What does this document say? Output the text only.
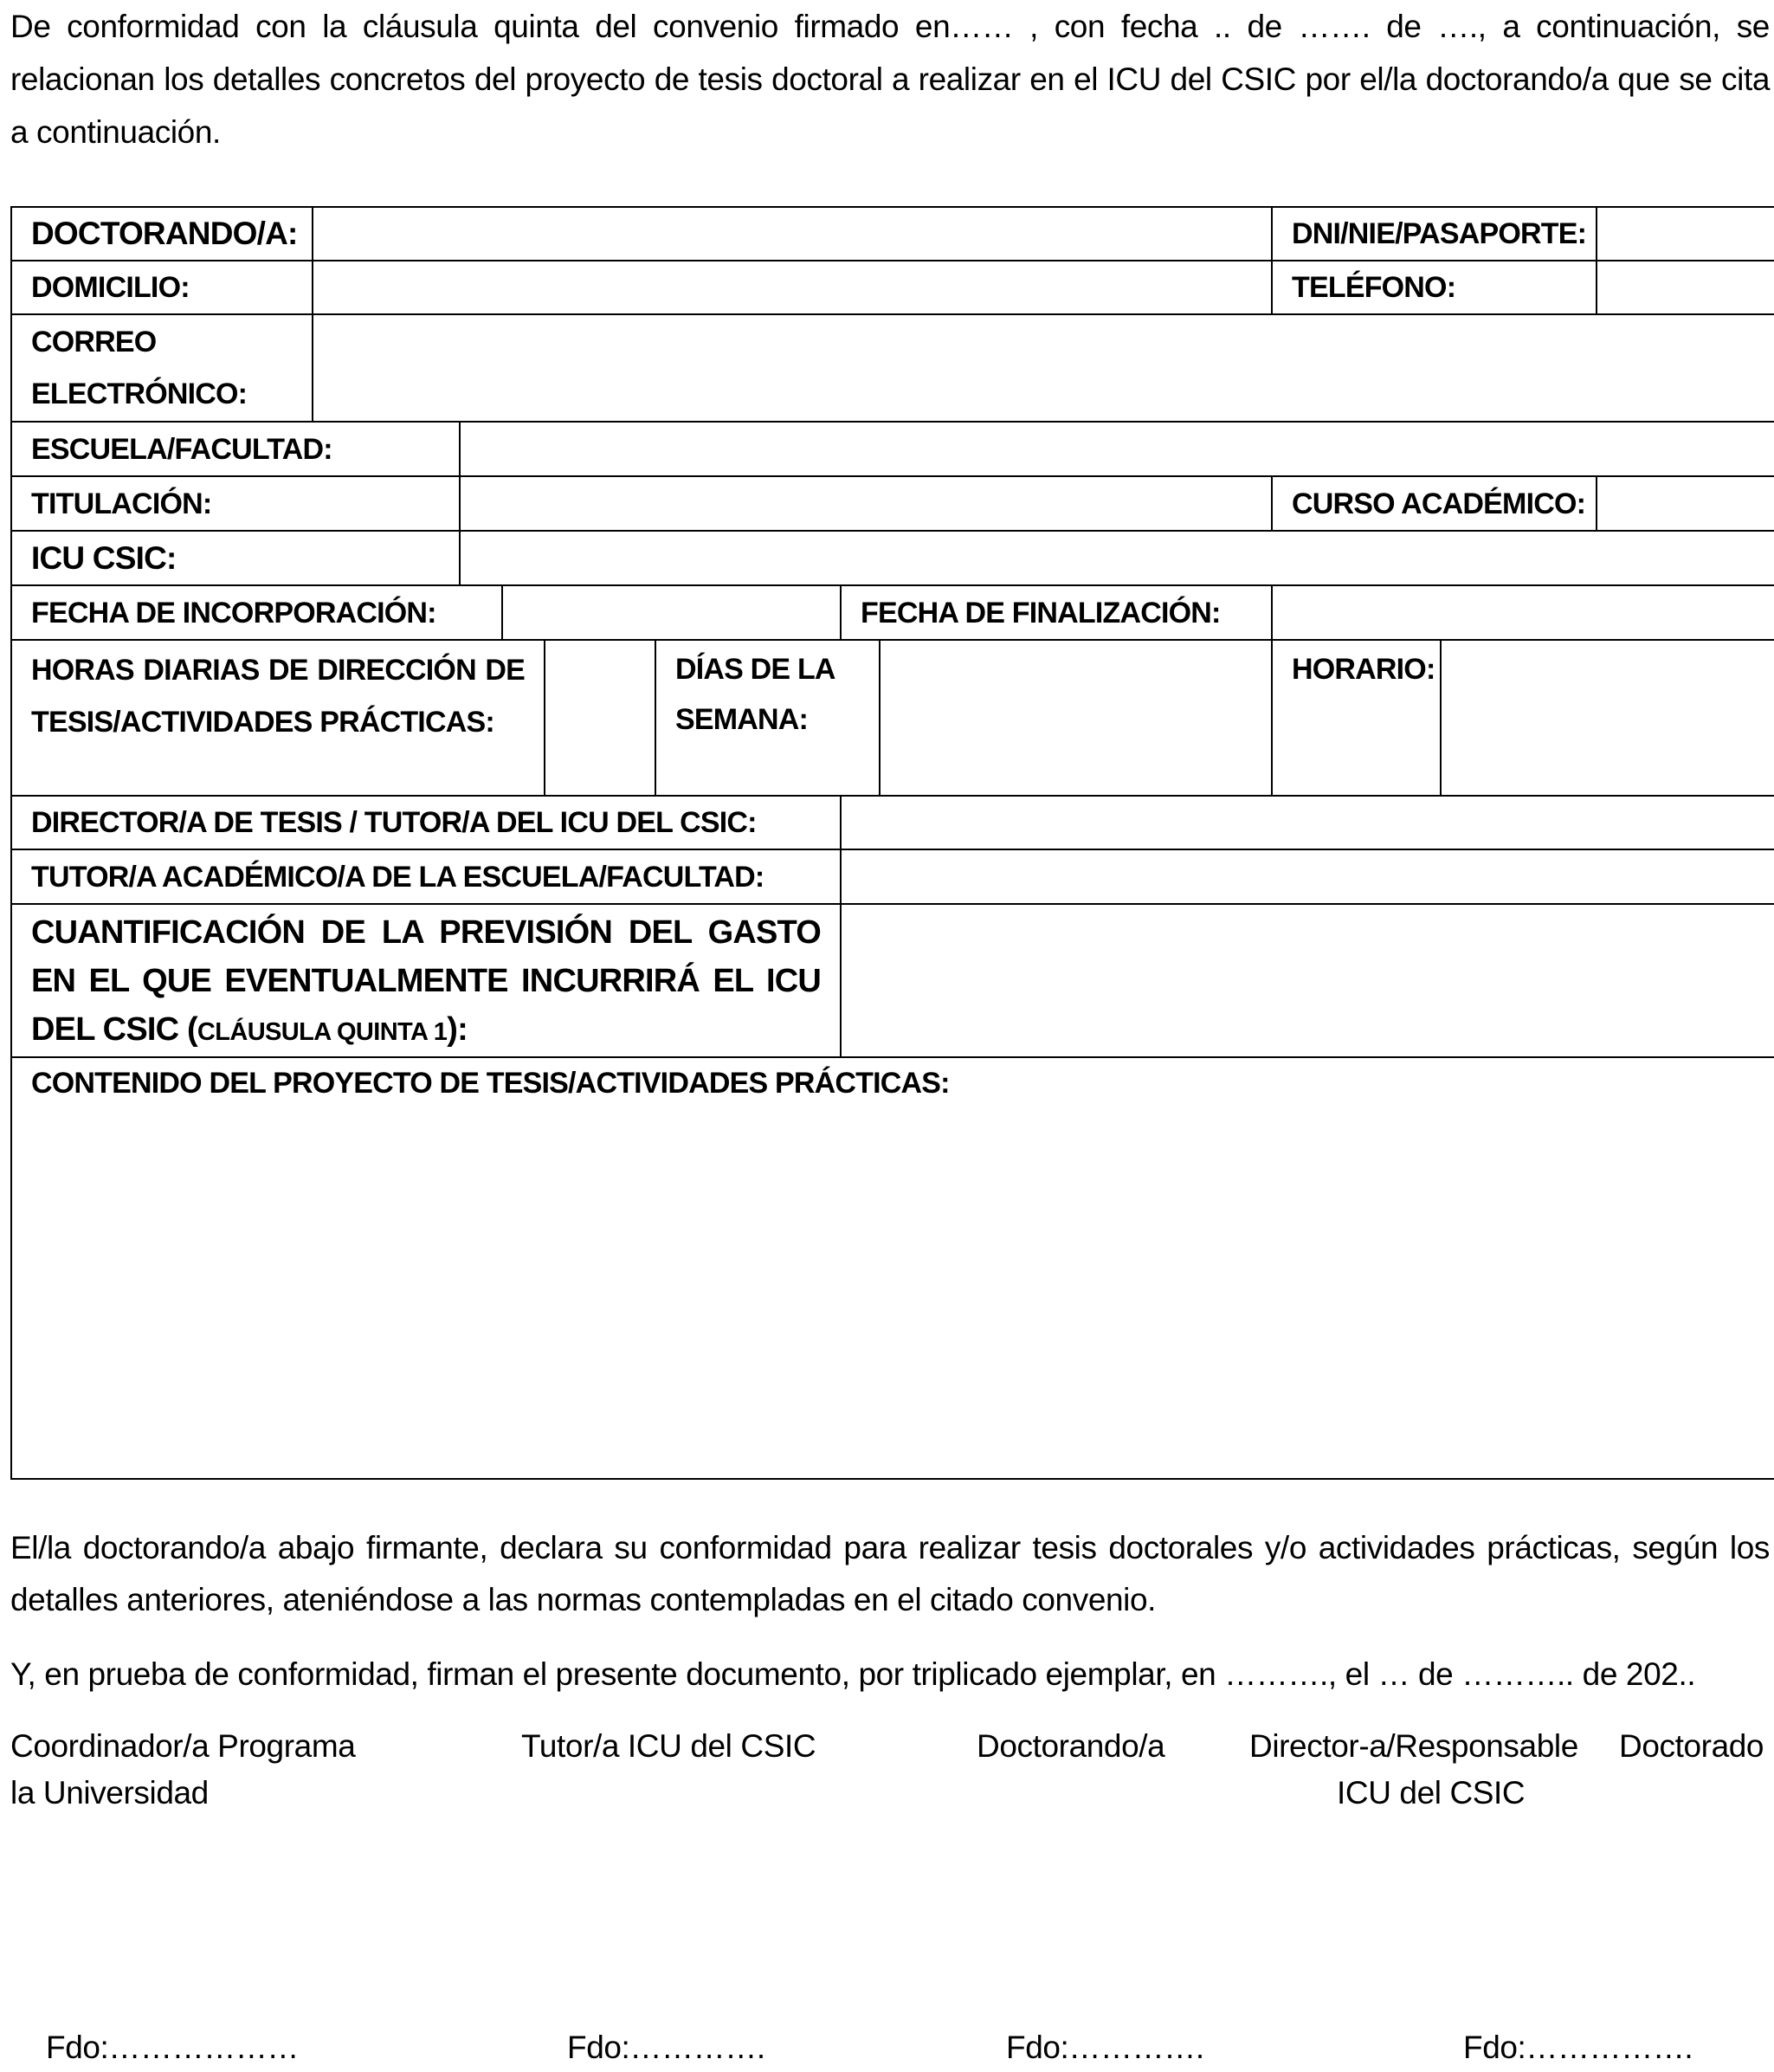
De conformidad con la cláusula quinta del convenio firmado en…… , con fecha .. de ……. de …., a continuación, se relacionan los detalles concretos del proyecto de tesis doctoral a realizar en el ICU del CSIC por el/la doctorando/a que se cita a continuación.

DOCTORANDO/A:								DNI/NIE/PASAPORTE:		
DOMICILIO:								TELÉFONO:		

CORREO
ELECTRÓNICO:										

ESCUELA/FACULTAD:										
TITULACIÓN:								CURSO ACADÉMICO:		
ICU CSIC:										
FECHA DE INCORPORACIÓN:						FECHA DE FINALIZACIÓN:				
HORAS DIARIAS DE DIRECCIÓN DE TESIS/ACTIVIDADES PRÁCTICAS:					DÍAS DE LA SEMANA:			HORARIO:		
DIRECTOR/A DE TESIS / TUTOR/A DEL ICU DEL CSIC:										
TUTOR/A ACADÉMICO/A DE LA ESCUELA/FACULTAD:										
CUANTIFICACIÓN DE LA PREVISIÓN DEL GASTO EN EL QUE EVENTUALMENTE INCURRIRÁ EL ICU DEL CSIC (CLÁUSULA QUINTA 1):										

CONTENIDO DEL PROYECTO DE TESIS/ACTIVIDADES PRÁCTICAS:										

El/la doctorando/a abajo firmante, declara su conformidad para realizar tesis doctorales y/o actividades prácticas, según los detalles anteriores, ateniéndose a las normas contempladas en el citado convenio.

Y, en prueba de conformidad, firman el presente documento, por triplicado ejemplar, en ………., el … de ……….. de 202..

Coordinador/a Programa
la Universidad
Tutor/a ICU del CSIC	Doctorando/a	Director-a/Responsable
ICU del CSIC
Doctorado
Fdo:………………	Fdo:………….	Fdo:………….	Fdo:…………….
